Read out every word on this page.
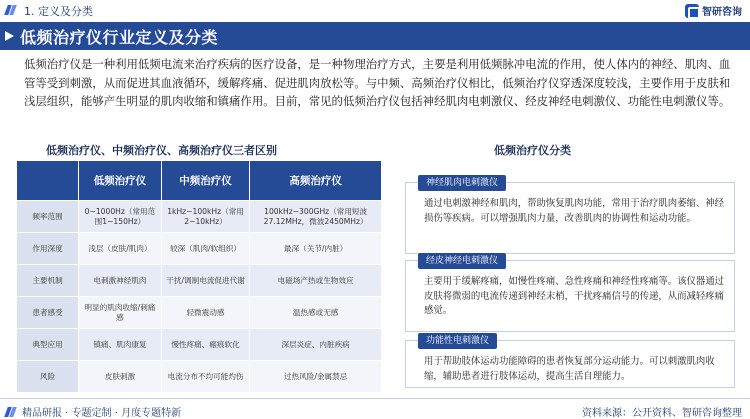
1. 定义及分类	智研咨询
低频治疗仪行业定义及分类

低频治疗仪是一种利用低频电流来治疗疾病的医疗设备，是一种物理治疗方式，主要是利用低频脉冲电流的作用，使人体内的神经、肌肉、血管等受到刺激，从而促进其血液循环，缓解疼痛、促进肌肉放松等。与中频、高频治疗仪相比，低频治疗仪穿透深度较浅，主要作用于皮肤和浅层组织，能够产生明显的肌肉收缩和镇痛作用。目前，常见的低频治疗仪包括神经肌肉电刺激仪、经皮神经电刺激仪、功能性电刺激仪等。

低频治疗仪、中频治疗仪、高频治疗仪三者区别	低频治疗仪分类
	低频治疗仪	中频治疗仪	高频治疗仪
频率范围	0~1000Hz（常用范围1~150Hz）	1kHz~100kHz（常用2~10kHz）	100kHz~300GHz（常用短波27.12MHz，微波2450MHz）
作用深度	浅层（皮肤/肌肉）	较深（肌肉/软组织）	最深（关节/内脏）
主要机制	电刺激神经肌肉	干扰/调制电流促进代谢	电磁场产热或生物效应
患者感受	明显的肌肉收缩/刺痛感	轻微震动感	温热感或无感
典型应用	镇痛、肌肉康复	慢性疼痛、瘢痕软化	深层炎症、内脏疾病
风险	皮肤刺激	电流分布不均可能灼伤	过热风险/金属禁忌
神经肌肉电刺激仪
通过电刺激神经和肌肉，帮助恢复肌肉功能，常用于治疗肌肉萎缩、神经损伤等疾病。可以增强肌肉力量，改善肌肉的协调性和运动功能。
经皮神经电刺激仪
主要用于缓解疼痛，如慢性疼痛、急性疼痛和神经性疼痛等。该仪器通过皮肤将微弱的电流传递到神经末梢，干扰疼痛信号的传递，从而减轻疼痛感觉。
功能性电刺激仪
用于帮助肢体运动功能障碍的患者恢复部分运动能力。可以刺激肌肉收缩，辅助患者进行肢体运动，提高生活自理能力。
精品研报 · 专题定制 · 月度专题特新	资料来源：公开资料、智研咨询整理
